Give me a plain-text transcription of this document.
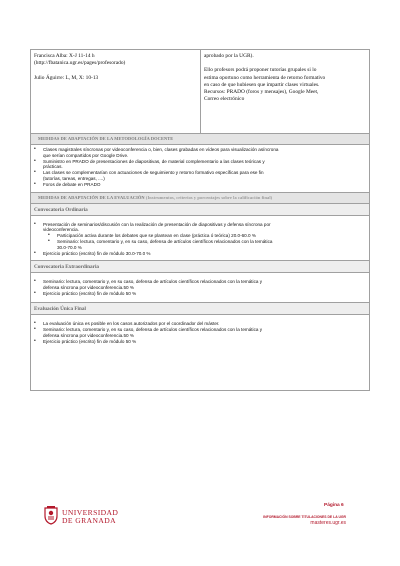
Francisca Alba: X-J 11-14 h
(http://fbatanica.ugr.es/pages/profesorado)
Julio Águirre: L, M, X: 10-13

aprobado por la UGR).
Ello profesors podrá proponer tutorías grupales si lo
estima oportuno como herramienta de retorno formativo
en caso de que hubiesen que impartir clases virtuales.
Recursos: PRADO (foros y mensajes), Google Meet,
Correo electrónico

MEDIDAS DE ADAPTACIÓN DE LA METODOLOGÍA DOCENTE

• Clases magistrales síncronas por videoconferencia o, bien, clases grabadas en vídeos para visualización asíncrona
que serían compartidos por Google Drive.
• Suministro en PRADO de presentaciones de diapositivas, de material complementario a las clases teóricas y
prácticas.
• Las clases se complementarían con actuaciones de seguimiento y retorno formativo específicas para ese fin
(tutorías, tareas, entregas, ....)
• Foros de debate en PRADO

MEDIDAS DE ADAPTACIÓN DE LA EVALUACIÓN (Instrumentos, criterios y porcentajes sobre la calificación final)
Convocatoria Ordinaria

• Presentación de seminarios/discusión con la realización de presentación de diapositivas y defensa síncrona por
videoconferencia.
• Participación activa durante los debates que se plantean en clase (práctica ó teórica) 20.0-60.0 %
• Seminario: lectura, comentario y, en su caso, defensa de artículos científicos relacionados con la temática
30.0-70.0 %
• Ejercicio práctico (escrito) fin de módulo 30.0-70.0 %

Convocatoria Extraordinaria

• Seminario: lectura, comentario y, en su caso, defensa de artículos científicos relacionados con la temática y
defensa síncrona por videoconferencia.50 %
• Ejercicio práctico (escrito) fin de módulo 50 %

Evaluación Única Final

• La evaluación única es posible en los casos autorizados por el coordinador del máster.
• Seminario: lectura, comentario y, en su caso, defensa de artículos científicos relacionados con la temática y
defensa síncrona por videoconferencia.50 %
• Ejercicio práctico (escrito) fin de módulo 50 %
UNIVERSIDAD
DE GRANADA
Página 6
INFORMACIÓN SOBRE TITULACIONES DE LA UGR
masteres.ugr.es
